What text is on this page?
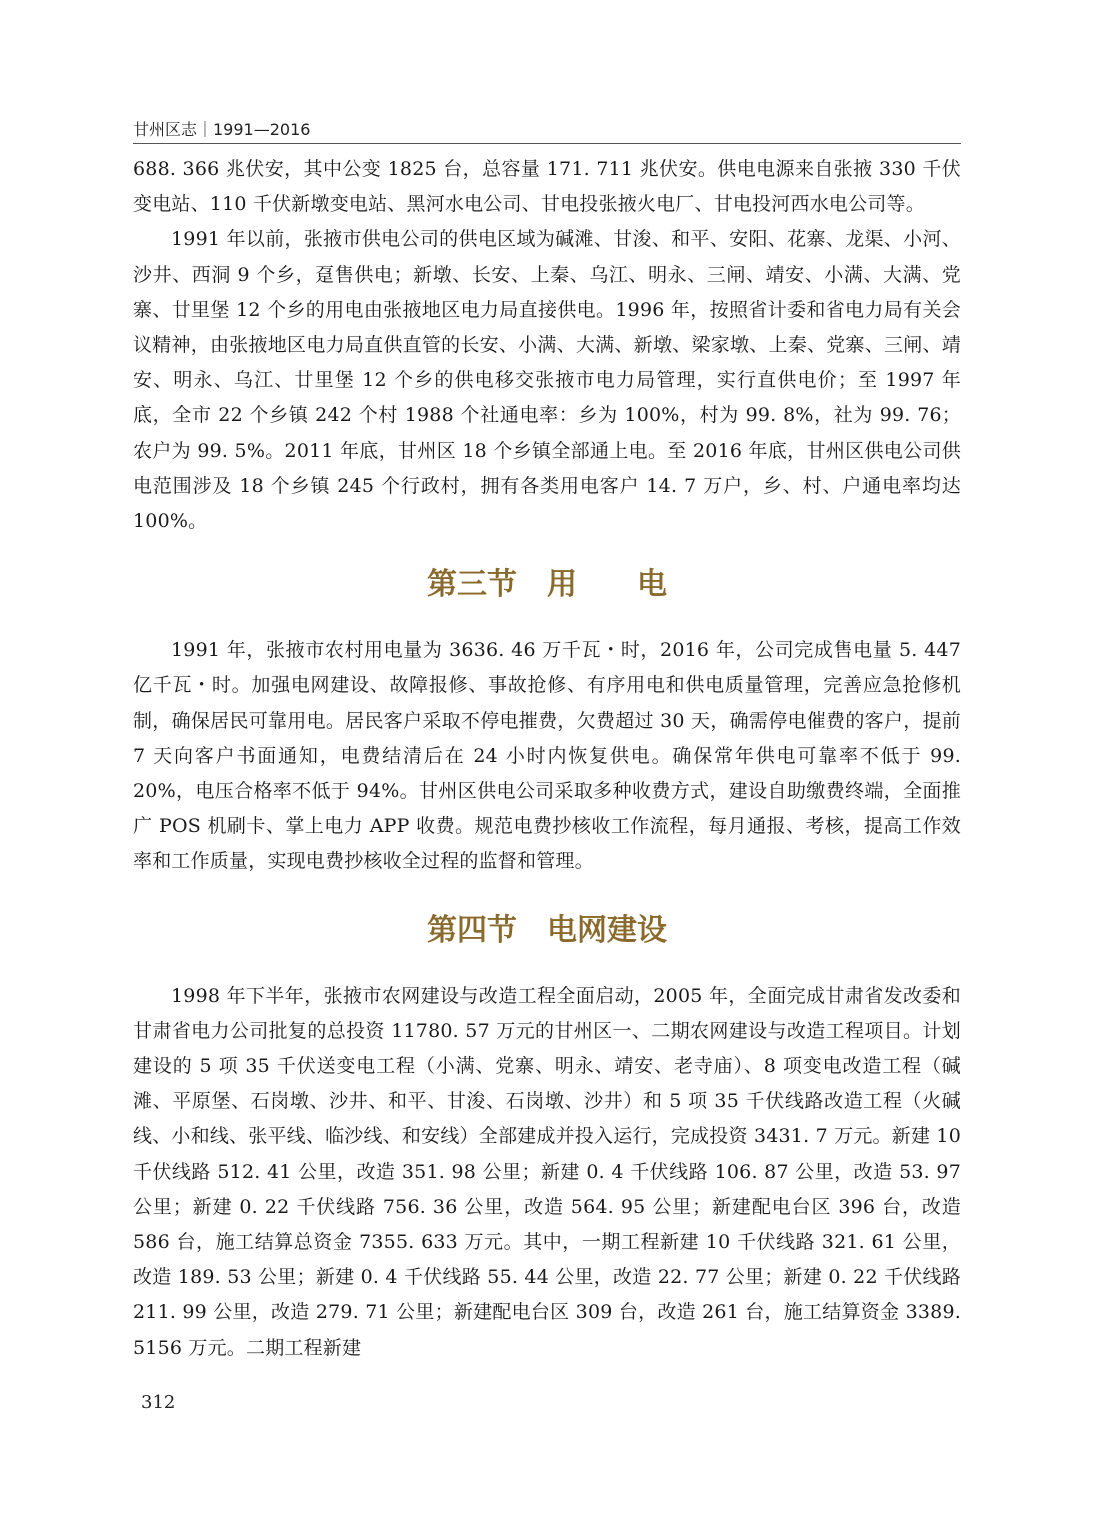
甘州区志｜1991—2016

688. 366 兆伏安，其中公变 1825 台，总容量 171. 711 兆伏安。供电电源来自张掖 330 千伏变电站、110 千伏新墩变电站、黑河水电公司、甘电投张掖火电厂、甘电投河西水电公司等。

1991 年以前，张掖市供电公司的供电区域为碱滩、甘浚、和平、安阳、花寨、龙渠、小河、沙井、西洞 9 个乡，趸售供电；新墩、长安、上秦、乌江、明永、三闸、靖安、小满、大满、党寨、廿里堡 12 个乡的用电由张掖地区电力局直接供电。1996 年，按照省计委和省电力局有关会议精神，由张掖地区电力局直供直管的长安、小满、大满、新墩、梁家墩、上秦、党寨、三闸、靖安、明永、乌江、廿里堡 12 个乡的供电移交张掖市电力局管理，实行直供电价；至 1997 年底，全市 22 个乡镇 242 个村 1988 个社通电率：乡为 100%，村为 99. 8%，社为 99. 76；农户为 99. 5%。2011 年底，甘州区 18 个乡镇全部通上电。至 2016 年底，甘州区供电公司供电范围涉及 18 个乡镇 245 个行政村，拥有各类用电客户 14. 7 万户，乡、村、户通电率均达 100%。

第三节　用　　电

1991 年，张掖市农村用电量为 3636. 46 万千瓦・时，2016 年，公司完成售电量 5. 447 亿千瓦・时。加强电网建设、故障报修、事故抢修、有序用电和供电质量管理，完善应急抢修机制，确保居民可靠用电。居民客户采取不停电摧费，欠费超过 30 天，确需停电催费的客户，提前 7 天向客户书面通知，电费结清后在 24 小时内恢复供电。确保常年供电可靠率不低于 99. 20%，电压合格率不低于 94%。甘州区供电公司采取多种收费方式，建设自助缴费终端，全面推广 POS 机刷卡、掌上电力 APP 收费。规范电费抄核收工作流程，每月通报、考核，提高工作效率和工作质量，实现电费抄核收全过程的监督和管理。

第四节　电网建设

1998 年下半年，张掖市农网建设与改造工程全面启动，2005 年，全面完成甘肃省发改委和甘肃省电力公司批复的总投资 11780. 57 万元的甘州区一、二期农网建设与改造工程项目。计划建设的 5 项 35 千伏送变电工程（小满、党寨、明永、靖安、老寺庙）、8 项变电改造工程（碱滩、平原堡、石岗墩、沙井、和平、甘浚、石岗墩、沙井）和 5 项 35 千伏线路改造工程（火碱线、小和线、张平线、临沙线、和安线）全部建成并投入运行，完成投资 3431. 7 万元。新建 10 千伏线路 512. 41 公里，改造 351. 98 公里；新建 0. 4 千伏线路 106. 87 公里，改造 53. 97 公里；新建 0. 22 千伏线路 756. 36 公里，改造 564. 95 公里；新建配电台区 396 台，改造 586 台，施工结算总资金 7355. 633 万元。其中，一期工程新建 10 千伏线路 321. 61 公里，改造 189. 53 公里；新建 0. 4 千伏线路 55. 44 公里，改造 22. 77 公里；新建 0. 22 千伏线路 211. 99 公里，改造 279. 71 公里；新建配电台区 309 台，改造 261 台，施工结算资金 3389. 5156 万元。二期工程新建

312
